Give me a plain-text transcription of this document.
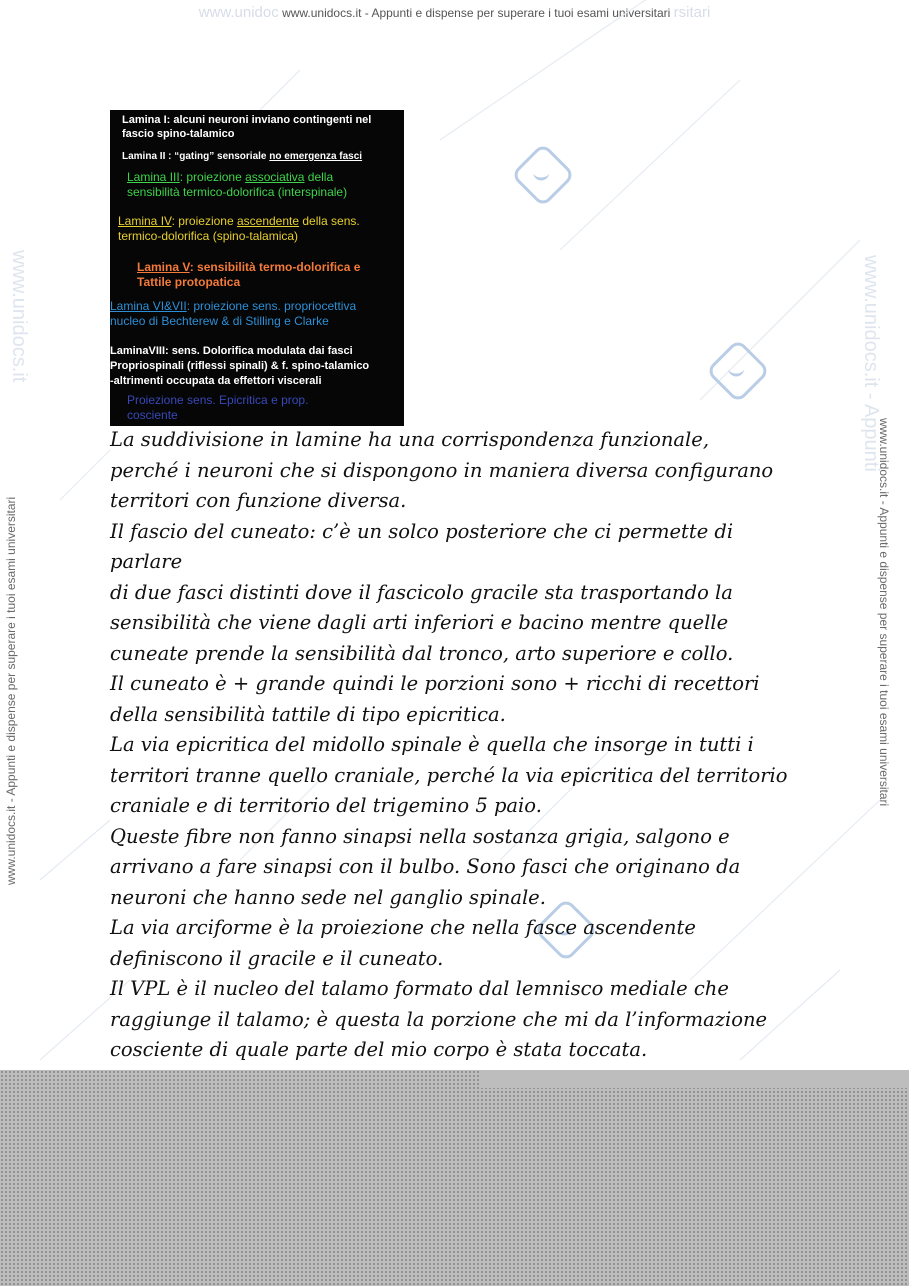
www.unidoc www.unidocs.it - Appunti e dispense per superare i tuoi esami universitari rsitari
www.unidocs.it - Appunti e dispense per superare i tuoi esami universitari	www.unidocs.it - Appunti e dispense per superare i tuoi esami universitari
www.unidocs.it	www.unidocs.it - Appunti
Lamina I: alcuni neuroni inviano contingenti nel
fascio spino-talamico
Lamina II : “gating” sensoriale no emergenza fasci
Lamina III: proiezione associativa della
sensibilità termico-dolorifica (interspinale)
Lamina IV: proiezione ascendente della sens.
termico-dolorifica (spino-talamica)
Lamina V: sensibilità termo-dolorifica e
Tattile protopatica
Lamina VI&VII: proiezione sens. propriocettiva
nucleo di Bechterew & di Stilling e Clarke
LaminaVIII: sens. Dolorifica modulata dai fasci
Propriospinali (riflessi spinali) & f. spino-talamico
-altrimenti occupata da effettori viscerali
Proiezione sens. Epicritica e prop.
cosciente
La suddivisione in lamine ha una corrispondenza funzionale,
perché i neuroni che si dispongono in maniera diversa configurano
territori con funzione diversa.
Il fascio del cuneato: c’è un solco posteriore che ci permette di parlare
di due fasci distinti dove il fascicolo gracile sta trasportando la
sensibilità che viene dagli arti inferiori e bacino mentre quelle
cuneate prende la sensibilità dal tronco, arto superiore e collo.
Il cuneato è + grande quindi le porzioni sono + ricchi di recettori
della sensibilità tattile di tipo epicritica.
La via epicritica del midollo spinale è quella che insorge in tutti i
territori tranne quello craniale, perché la via epicritica del territorio
craniale e di territorio del trigemino 5 paio.
Queste fibre non fanno sinapsi nella sostanza grigia, salgono e
arrivano a fare sinapsi con il bulbo. Sono fasci che originano da
neuroni che hanno sede nel ganglio spinale.
La via arciforme è la proiezione che nella fasce ascendente
definiscono il gracile e il cuneato.
Il VPL è il nucleo del talamo formato dal lemnisco mediale che
raggiunge il talamo; è questa la porzione che mi da l’informazione
cosciente di quale parte del mio corpo è stata toccata.
